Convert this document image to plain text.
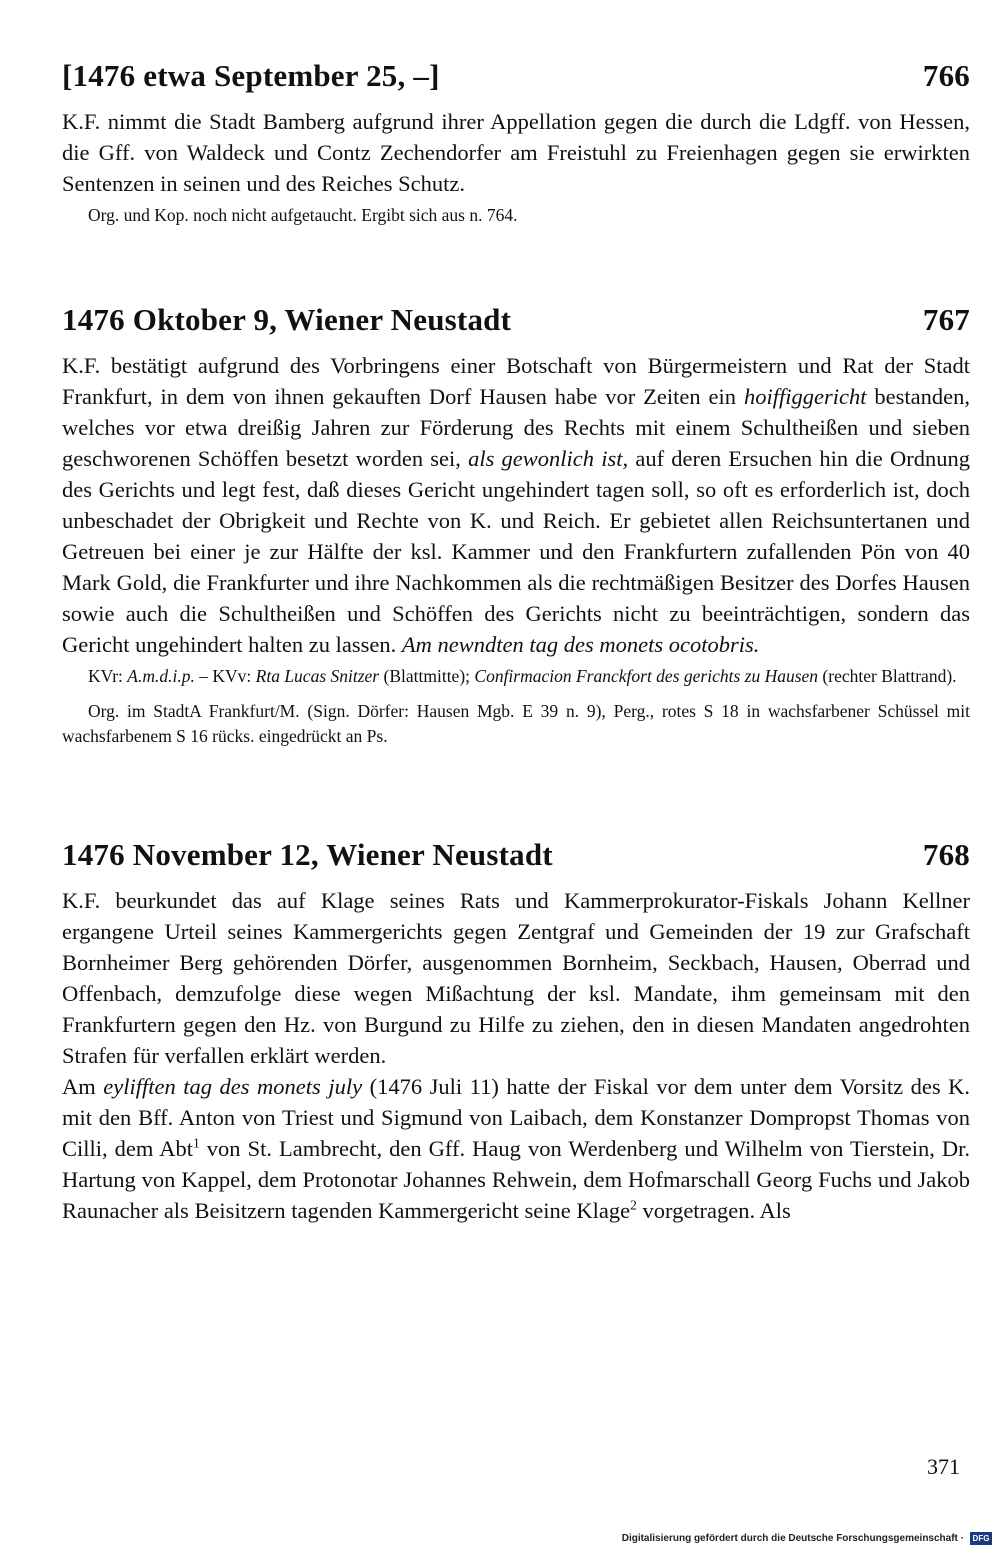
[1476 etwa September 25, –]	766

K.F. nimmt die Stadt Bamberg aufgrund ihrer Appellation gegen die durch die Ldgff. von Hessen, die Gff. von Waldeck und Contz Zechendorfer am Freistuhl zu Freienhagen gegen sie erwirkten Sentenzen in seinen und des Reiches Schutz.

Org. und Kop. noch nicht aufgetaucht. Ergibt sich aus n. 764.
1476 Oktober 9, Wiener Neustadt	767

K.F. bestätigt aufgrund des Vorbringens einer Botschaft von Bürgermeistern und Rat der Stadt Frankfurt, in dem von ihnen gekauften Dorf Hausen habe vor Zeiten ein hoiffiggericht bestanden, welches vor etwa dreißig Jahren zur Förderung des Rechts mit einem Schultheißen und sieben geschworenen Schöffen besetzt worden sei, als gewonlich ist, auf deren Ersuchen hin die Ordnung des Gerichts und legt fest, daß dieses Gericht ungehindert tagen soll, so oft es erforderlich ist, doch unbeschadet der Obrigkeit und Rechte von K. und Reich. Er gebietet allen Reichsuntertanen und Getreuen bei einer je zur Hälfte der ksl. Kammer und den Frankfurtern zufallenden Pön von 40 Mark Gold, die Frankfurter und ihre Nachkommen als die rechtmäßigen Besitzer des Dorfes Hausen sowie auch die Schultheißen und Schöffen des Gerichts nicht zu beeinträchtigen, sondern das Gericht ungehindert halten zu lassen. Am newndten tag des monets ocotobris.

KVr: A.m.d.i.p. – KVv: Rta Lucas Snitzer (Blattmitte); Confirmacion Franckfort des gerichts zu Hausen (rechter Blattrand).
Org. im StadtA Frankfurt/M. (Sign. Dörfer: Hausen Mgb. E 39 n. 9), Perg., rotes S 18 in wachsfarbener Schüssel mit wachsfarbenem S 16 rücks. eingedrückt an Ps.
1476 November 12, Wiener Neustadt	768

K.F. beurkundet das auf Klage seines Rats und Kammerprokurator-Fiskals Johann Kellner ergangene Urteil seines Kammergerichts gegen Zentgraf und Gemeinden der 19 zur Grafschaft Bornheimer Berg gehörenden Dörfer, ausgenommen Bornheim, Seckbach, Hausen, Oberrad und Offenbach, demzufolge diese wegen Mißachtung der ksl. Mandate, ihm gemeinsam mit den Frankfurtern gegen den Hz. von Burgund zu Hilfe zu ziehen, den in diesen Mandaten angedrohten Strafen für verfallen erklärt werden.

Am eylifften tag des monets july (1476 Juli 11) hatte der Fiskal vor dem unter dem Vorsitz des K. mit den Bff. Anton von Triest und Sigmund von Laibach, dem Konstanzer Dompropst Thomas von Cilli, dem Abt$^1$ von St. Lambrecht, den Gff. Haug von Werdenberg und Wilhelm von Tierstein, Dr. Hartung von Kappel, dem Protonotar Johannes Rehwein, dem Hofmarschall Georg Fuchs und Jakob Raunacher als Beisitzern tagenden Kammergericht seine Klage$^2$ vorgetragen. Als

371
Digitalisierung gefördert durch die Deutsche Forschungsgemeinschaft ·	DFG
